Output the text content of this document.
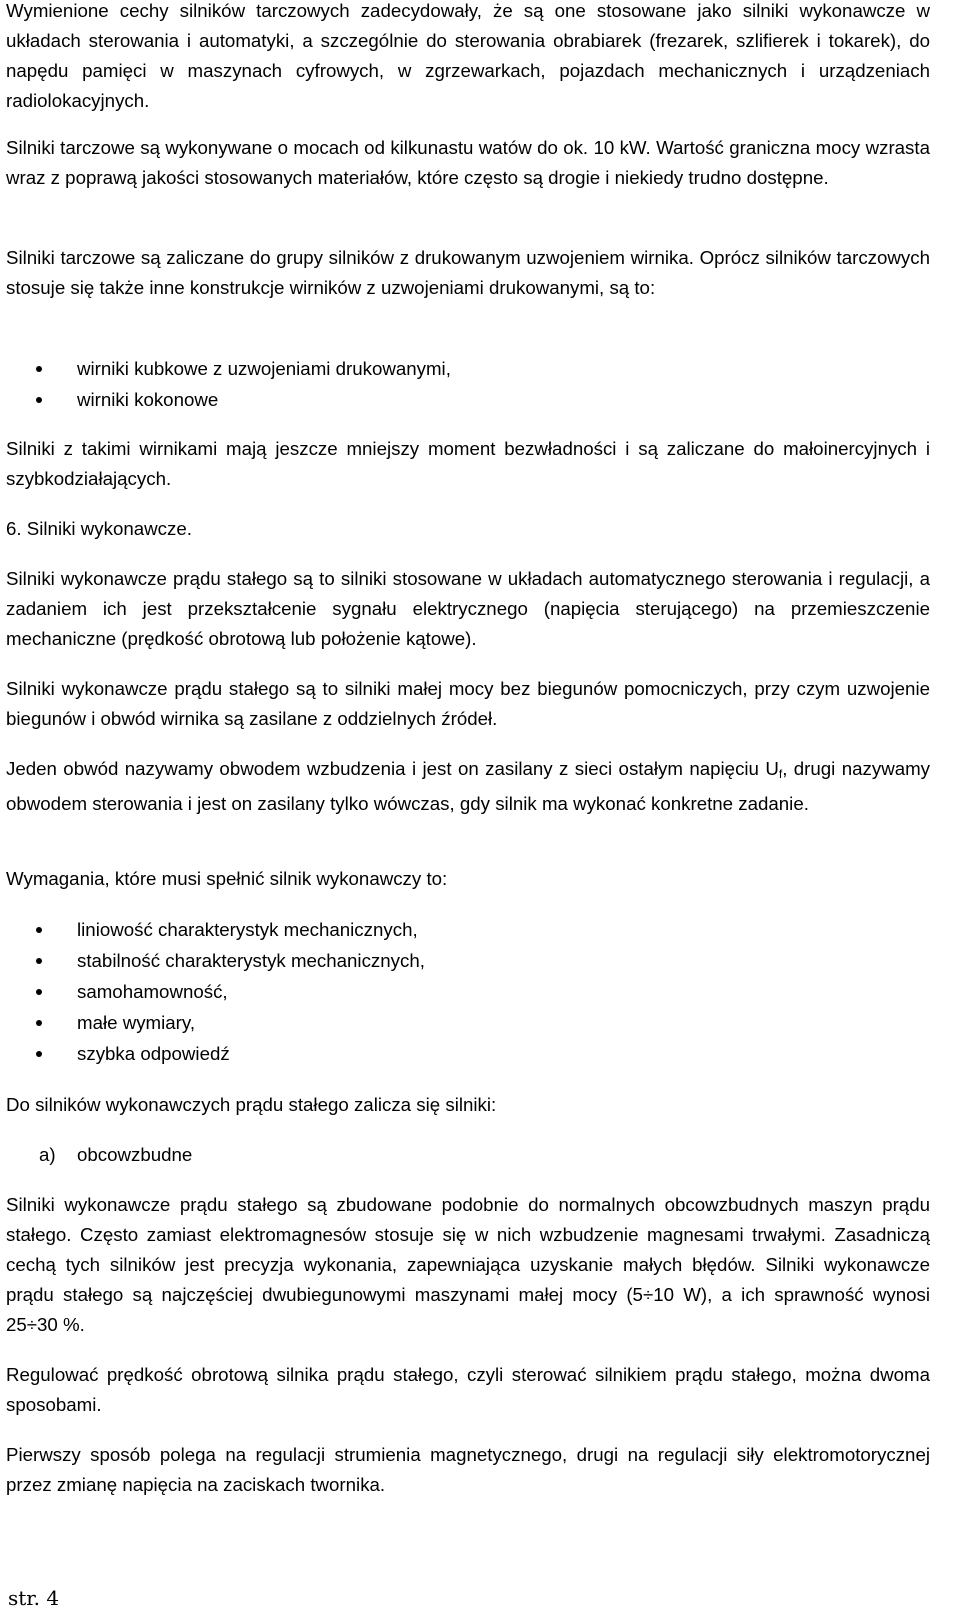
Wymienione cechy silników tarczowych zadecydowały, że są one stosowane jako silniki wykonawcze w układach sterowania i automatyki, a szczególnie do sterowania obrabiarek (frezarek, szlifierek i tokarek), do napędu pamięci w maszynach cyfrowych, w zgrzewarkach, pojazdach mechanicznych i urządzeniach radiolokacyjnych.

Silniki tarczowe są wykonywane o mocach od kilkunastu watów do ok. 10 kW. Wartość graniczna mocy wzrasta wraz z poprawą jakości stosowanych materiałów, które często są drogie i niekiedy trudno dostępne.

Silniki tarczowe są zaliczane do grupy silników z drukowanym uzwojeniem wirnika. Oprócz silników tarczowych stosuje się także inne konstrukcje wirników z uzwojeniami drukowanymi, są to:

wirniki kubkowe z uzwojeniami drukowanymi,
wirniki kokonowe

Silniki z takimi wirnikami mają jeszcze mniejszy moment bezwładności i są zaliczane do małoinercyjnych i szybkodziałających.

6. Silniki wykonawcze.

Silniki wykonawcze prądu stałego są to silniki stosowane w układach automatycznego sterowania i regulacji, a zadaniem ich jest przekształcenie sygnału elektrycznego (napięcia sterującego) na przemieszczenie mechaniczne (prędkość obrotową lub położenie kątowe).

Silniki wykonawcze prądu stałego są to silniki małej mocy bez biegunów pomocniczych, przy czym uzwojenie biegunów i obwód wirnika są zasilane z oddzielnych źródeł.

Jeden obwód nazywamy obwodem wzbudzenia i jest on zasilany z sieci ostałym napięciu $U_f$, drugi nazywamy obwodem sterowania i jest on zasilany tylko wówczas, gdy silnik ma wykonać konkretne zadanie.

Wymagania, które musi spełnić silnik wykonawczy to:

liniowość charakterystyk mechanicznych,
stabilność charakterystyk mechanicznych,
samohamowność,
małe wymiary,
szybka odpowiedź

Do silników wykonawczych prądu stałego zalicza się silniki:

a) obcowzbudne

Silniki wykonawcze prądu stałego są zbudowane podobnie do normalnych obcowzbudnych maszyn prądu stałego. Często zamiast elektromagnesów stosuje się w nich wzbudzenie magnesami trwałymi. Zasadniczą cechą tych silników jest precyzja wykonania, zapewniająca uzyskanie małych błędów. Silniki wykonawcze prądu stałego są najczęściej dwubiegunowymi maszynami małej mocy (5÷10 W), a ich sprawność wynosi 25÷30 %.

Regulować prędkość obrotową silnika prądu stałego, czyli sterować silnikiem prądu stałego, można dwoma sposobami.

Pierwszy sposób polega na regulacji strumienia magnetycznego, drugi na regulacji siły elektromotorycznej przez zmianę napięcia na zaciskach twornika.

str. 4
